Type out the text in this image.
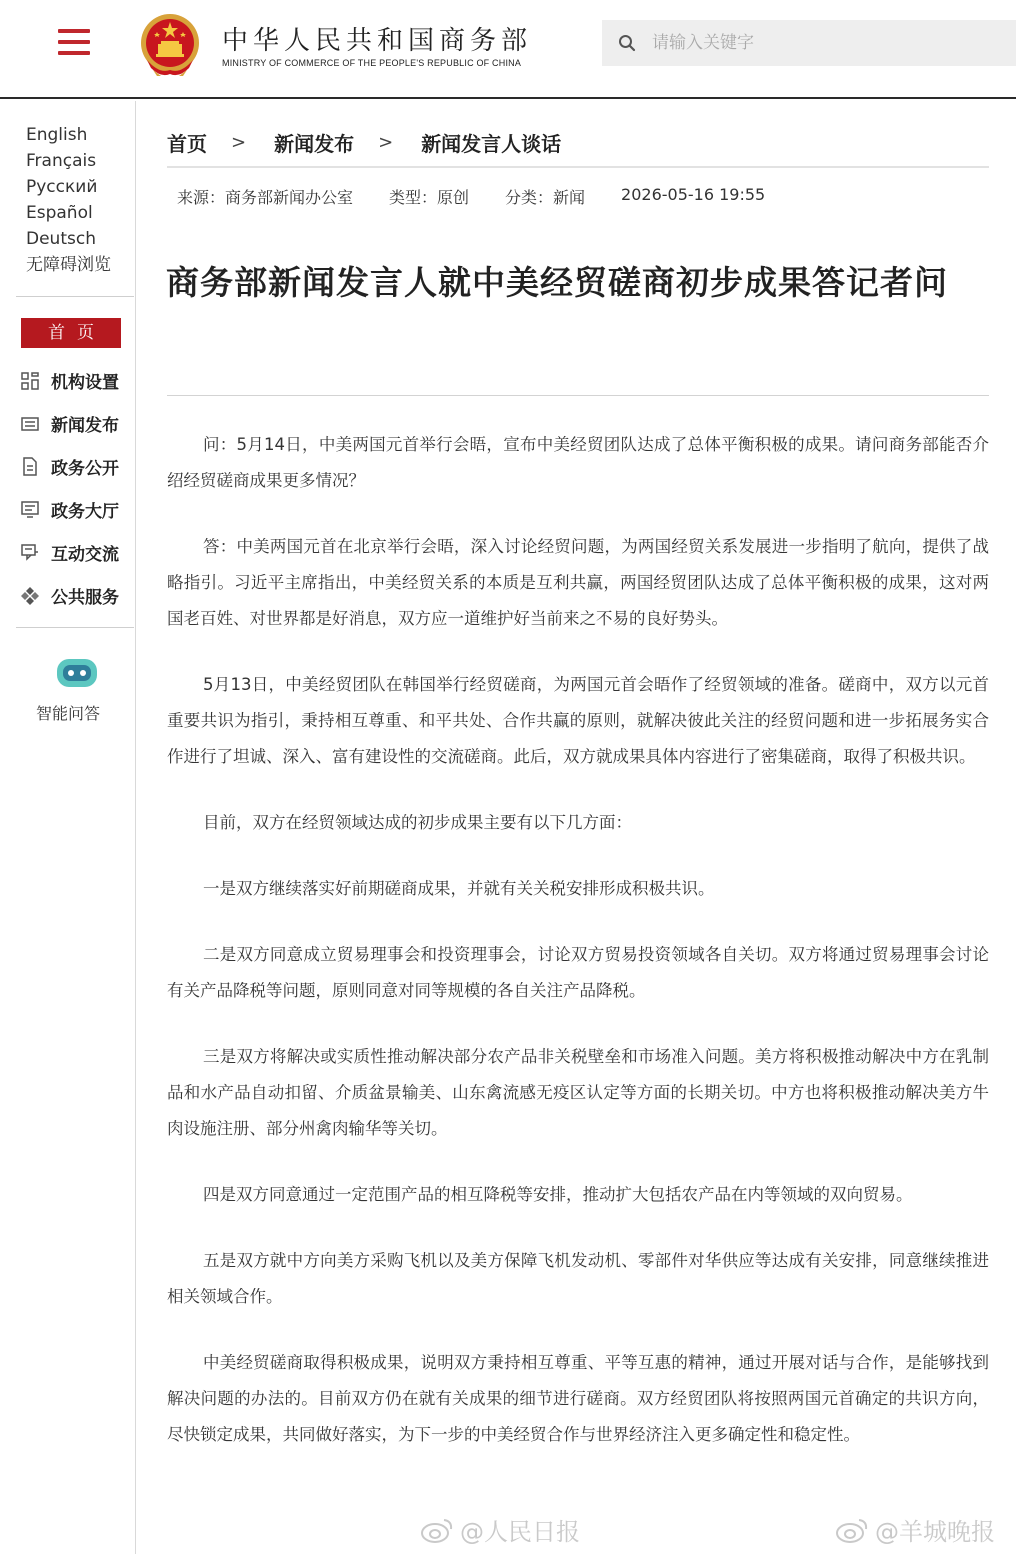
中华人民共和国商务部
MINISTRY OF COMMERCE OF THE PEOPLE'S REPUBLIC OF CHINA
请输入关键字
English
Français
Русский
Español
Deutsch
无障碍浏览
首页
机构设置
新闻发布
政务公开
政务大厅
互动交流
公共服务
智能问答
首页 > 新闻发布 > 新闻发言人谈话
来源：商务部新闻办公室 类型：原创 分类：新闻 2026-05-16 19:55
商务部新闻发言人就中美经贸磋商初步成果答记者问

问：5月14日，中美两国元首举行会晤，宣布中美经贸团队达成了总体平衡积极的成果。请问商务部能否介绍经贸磋商成果更多情况？

答：中美两国元首在北京举行会晤，深入讨论经贸问题，为两国经贸关系发展进一步指明了航向，提供了战略指引。习近平主席指出，中美经贸关系的本质是互利共赢，两国经贸团队达成了总体平衡积极的成果，这对两国老百姓、对世界都是好消息，双方应一道维护好当前来之不易的良好势头。

5月13日，中美经贸团队在韩国举行经贸磋商，为两国元首会晤作了经贸领域的准备。磋商中，双方以元首重要共识为指引，秉持相互尊重、和平共处、合作共赢的原则，就解决彼此关注的经贸问题和进一步拓展务实合作进行了坦诚、深入、富有建设性的交流磋商。此后，双方就成果具体内容进行了密集磋商，取得了积极共识。

目前，双方在经贸领域达成的初步成果主要有以下几方面：

一是双方继续落实好前期磋商成果，并就有关关税安排形成积极共识。

二是双方同意成立贸易理事会和投资理事会，讨论双方贸易投资领域各自关切。双方将通过贸易理事会讨论有关产品降税等问题，原则同意对同等规模的各自关注产品降税。

三是双方将解决或实质性推动解决部分农产品非关税壁垒和市场准入问题。美方将积极推动解决中方在乳制品和水产品自动扣留、介质盆景输美、山东禽流感无疫区认定等方面的长期关切。中方也将积极推动解决美方牛肉设施注册、部分州禽肉输华等关切。

四是双方同意通过一定范围产品的相互降税等安排，推动扩大包括农产品在内等领域的双向贸易。

五是双方就中方向美方采购飞机以及美方保障飞机发动机、零部件对华供应等达成有关安排，同意继续推进相关领域合作。

中美经贸磋商取得积极成果，说明双方秉持相互尊重、平等互惠的精神，通过开展对话与合作，是能够找到解决问题的办法的。目前双方仍在就有关成果的细节进行磋商。双方经贸团队将按照两国元首确定的共识方向，尽快锁定成果，共同做好落实，为下一步的中美经贸合作与世界经济注入更多确定性和稳定性。

@人民日报	@羊城晚报
